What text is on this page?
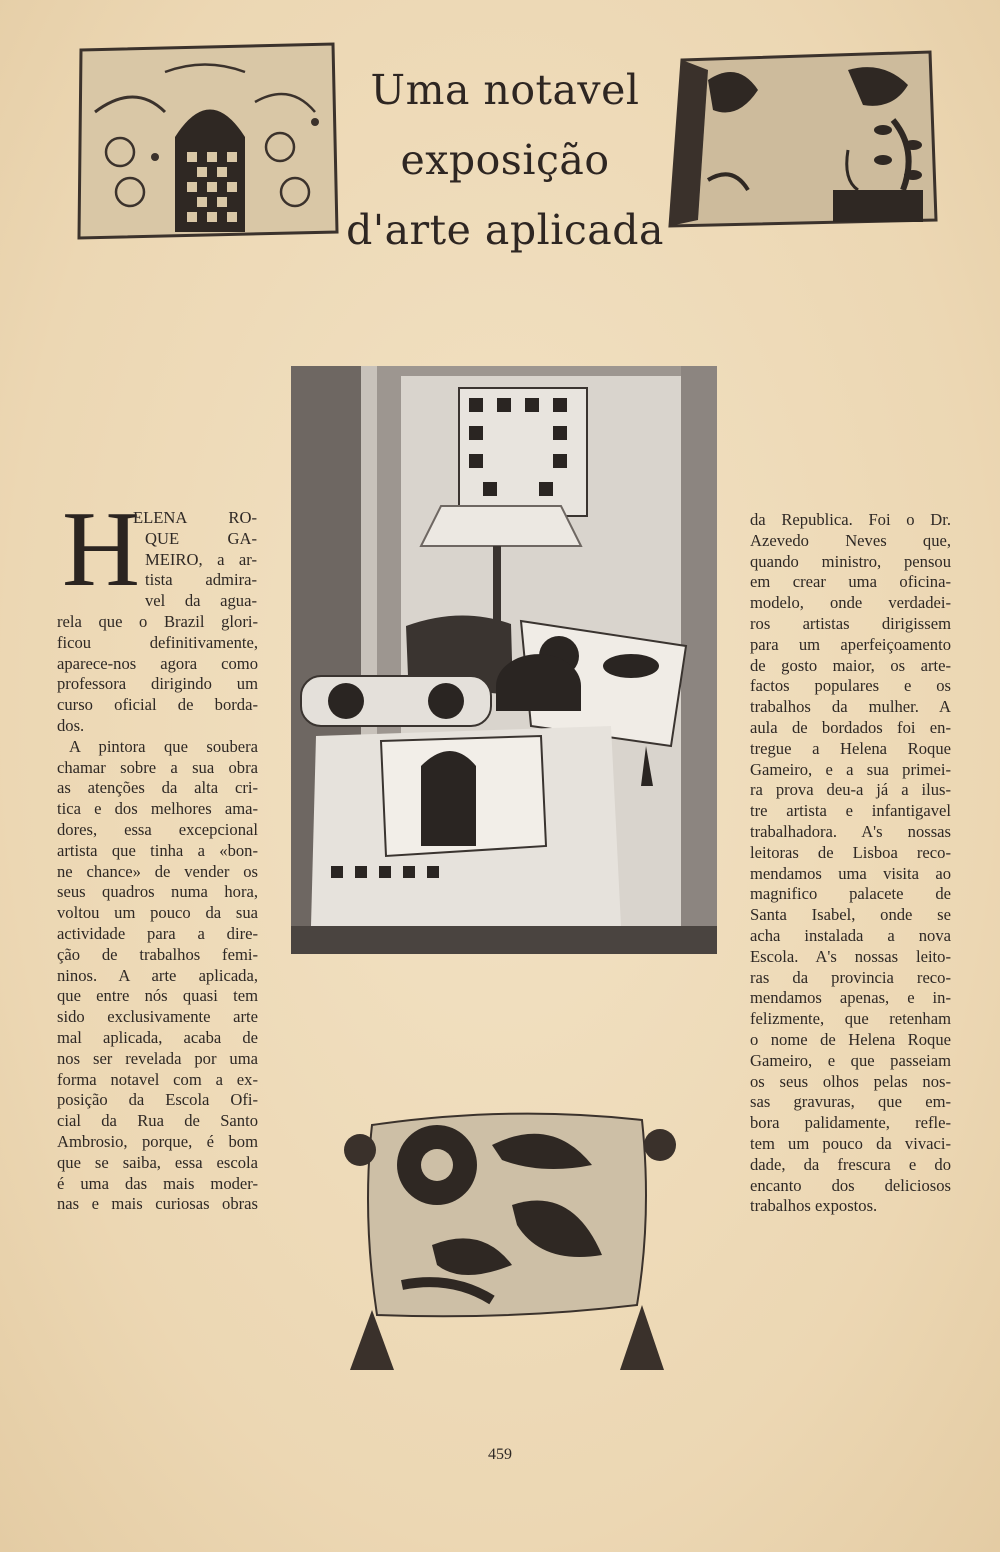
Uma notavel
exposição
d'arte aplicada
H
ELENA RO-
QUE GA-
MEIRO, a ar-
tista admira-
vel da agua-
rela que o Brazil glori-
ficou definitivamente,
aparece-nos agora como
professora dirigindo um
curso oficial de borda-
dos.
A pintora que soubera
chamar sobre a sua obra
as atenções da alta cri-
tica e dos melhores ama-
dores, essa excepcional
artista que tinha a «bon-
ne chance» de vender os
seus quadros numa hora,
voltou um pouco da sua
actividade para a dire-
ção de trabalhos femi-
ninos. A arte aplicada,
que entre nós quasi tem
sido exclusivamente arte
mal aplicada, acaba de
nos ser revelada por uma
forma notavel com a ex-
posição da Escola Ofi-
cial da Rua de Santo
Ambrosio, porque, é bom
que se saiba, essa escola
é uma das mais moder-
nas e mais curiosas obras
da Republica. Foi o Dr.
Azevedo Neves que,
quando ministro, pensou
em crear uma oficina-
modelo, onde verdadei-
ros artistas dirigissem
para um aperfeiçoamento
de gosto maior, os arte-
factos populares e os
trabalhos da mulher. A
aula de bordados foi en-
tregue a Helena Roque
Gameiro, e a sua primei-
ra prova deu-a já a ilus-
tre artista e infantigavel
trabalhadora. A's nossas
leitoras de Lisboa reco-
mendamos uma visita ao
magnifico palacete de
Santa Isabel, onde se
acha instalada a nova
Escola. A's nossas leito-
ras da provincia reco-
mendamos apenas, e in-
felizmente, que retenham
o nome de Helena Roque
Gameiro, e que passeiam
os seus olhos pelas nos-
sas gravuras, que em-
bora palidamente, refle-
tem um pouco da vivaci-
dade, da frescura e do
encanto dos deliciosos
trabalhos expostos.
459
